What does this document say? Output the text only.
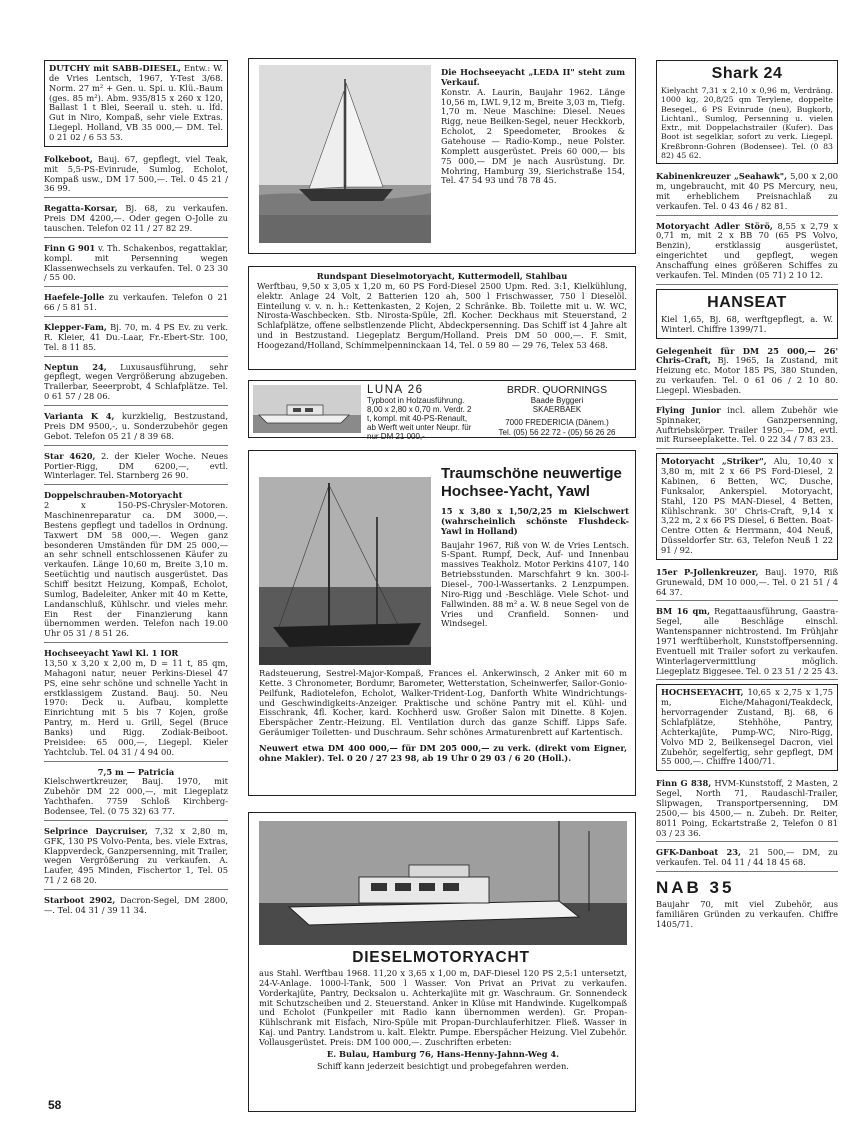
DUTCHY mit SABB-DIESEL, Entw.: W. de Vries Lentsch, 1967, Y-Test 3/68. Norm. 27 m² + Gen. u. Spi. u. Klü.-Baum (ges. 85 m²). Abm. 935/815 x 260 x 120, Ballast 1 t Blei, Seerail u. steh. u. lfd. Gut in Niro, Kompaß, sehr viele Extras. Liegepl. Holland, VB 35 000,— DM. Tel. 0 21 02 / 6 53 53.
Folkeboot, Bauj. 67, gepflegt, viel Teak, mit 5,5-PS-Evinrude, Sumlog, Echolot, Kompaß usw., DM 17 500,—. Tel. 0 45 21 / 36 99.
Regatta-Korsar, Bj. 68, zu verkaufen. Preis DM 4200,—. Oder gegen O-Jolle zu tauschen. Telefon 02 11 / 27 82 29.
Finn G 901 v. Th. Schakenbos, regattaklar, kompl. mit Persenning wegen Klassenwechsels zu verkaufen. Tel. 0 23 30 / 55 00.
Haefele-Jolle zu verkaufen. Telefon 0 21 66 / 5 81 51.
Klepper-Fam, Bj. 70, m. 4 PS Ev. zu verk. R. Kleier, 41 Du.-Laar, Fr.-Ebert-Str. 100, Tel. 8 11 85.
Neptun 24, Luxusausführung, sehr gepflegt, wegen Vergrößerung abzugeben. Trailerbar, Seeerprobt, 4 Schlafplätze. Tel. 0 61 57 / 28 06.
Varianta K 4, kurzkielig, Bestzustand, Preis DM 9500,-, u. Sonderzubehör gegen Gebot. Telefon 05 21 / 8 39 68.
Star 4620, 2. der Kieler Woche. Neues Portier-Rigg, DM 6200,—, evtl. Winterlager. Tel. Starnberg 26 90.
Doppelschrauben-Motoryacht
2 x 150-PS-Chrysler-Motoren. Maschinenreparatur ca. DM 3000,—. Bestens gepflegt und tadellos in Ordnung. Taxwert DM 58 000,—. Wegen ganz besonderen Umständen für DM 25 000,— an sehr schnell entschlossenen Käufer zu verkaufen. Länge 10,60 m, Breite 3,10 m. Seetüchtig und nautisch ausgerüstet. Das Schiff besitzt Heizung, Kompaß, Echolot, Sumlog, Badeleiter, Anker mit 40 m Kette, Landanschluß, Kühlschr. und vieles mehr. Ein Rest der Finanzierung kann übernommen werden. Telefon nach 19.00 Uhr 05 31 / 8 51 26.
Hochseeyacht Yawl Kl. 1 IOR
13,50 x 3,20 x 2,00 m, D = 11 t, 85 qm, Mahagoni natur, neuer Perkins-Diesel 47 PS, eine sehr schöne und schnelle Yacht in erstklassigem Zustand. Bauj. 50. Neu 1970: Deck u. Aufbau, komplette Einrichtung mit 5 bis 7 Kojen, große Pantry, m. Herd u. Grill, Segel (Bruce Banks) und Rigg. Zodiak-Beiboot. Preisidee: 65 000,—, Liegepl. Kieler Yachtclub. Tel. 04 31 / 4 94 00.
7,5 m — Patricia
Kielschwertkreuzer, Bauj. 1970, mit Zubehör DM 22 000,—, mit Liegeplatz Yachthafen. 7759 Schloß Kirchberg-Bodensee, Tel. (0 75 32) 63 77.
Selprince Daycruiser, 7,32 x 2,80 m, GFK, 130 PS Volvo-Penta, bes. viele Extras, Klappverdeck, Ganzpersenning, mit Trailer, wegen Vergrößerung zu verkaufen. A. Laufer, 495 Minden, Fischertor 1, Tel. 05 71 / 2 68 20.
Starboot 2902, Dacron-Segel, DM 2800,—. Tel. 04 31 / 39 11 34.
Die Hochseeyacht „LEDA II" steht zum Verkauf.
Konstr. A. Laurin, Baujahr 1962. Länge 10,56 m, LWL 9,12 m, Breite 3,03 m, Tiefg. 1,70 m. Neue Maschine: Diesel. Neues Rigg, neue Beilken-Segel, neuer Heckkorb, Echolot, 2 Speedometer, Brookes & Gatehouse — Radio-Komp., neue Polster. Komplett ausgerüstet. Preis 60 000,— bis 75 000,— DM je nach Ausrüstung. Dr. Mohring, Hamburg 39, Sierichstraße 154, Tel. 47 54 93 und 78 78 45.
Rundspant Dieselmotoryacht, Kuttermodell, Stahlbau
Werftbau, 9,50 x 3,05 x 1,20 m, 60 PS Ford-Diesel 2500 Upm. Red. 3:1, Kielkühlung, elektr. Anlage 24 Volt, 2 Batterien 120 ah, 500 l Frischwasser, 750 l Dieselöl. Einteilung v. v. n. h.: Kettenkasten, 2 Kojen, 2 Schränke. Bb. Toilette mit u. W. WC, Nirosta-Waschbecken. Stb. Nirosta-Spüle, 2fl. Kocher. Deckhaus mit Steuerstand, 2 Schlafplätze, offene selbstlenzende Plicht, Abdeckpersenning. Das Schiff ist 4 Jahre alt und in Bestzustand. Liegeplatz Bergum/Holland. Preis DM 50 000,—. F. Smit, Hoogezand/Holland, Schimmelpenninckaan 14, Tel. 0 59 80 — 29 76, Telex 53 468.
LUNA 26
Typboot in Holzausführung. 8,00 x 2,80 x 0,70 m. Verdr. 2 t, kompl. mit 40-PS-Renault, ab Werft weit unter Neupr. für nur DM 21 000,-
BRDR. QUORNINGS
Baade Byggeri
SKAERBAEK
7000 FREDERICIA (Dänem.)
Tel. (05) 56 22 72 - (05) 56 26 26
Traumschöne neuwertige Hochsee-Yacht, Yawl
15 x 3,80 x 1,50/2,25 m Kielschwert (wahrscheinlich schönste Flushdeck-Yawl in Holland)
Baujahr 1967, Riß von W. de Vries Lentsch. S-Spant. Rumpf, Deck, Auf- und Innenbau massives Teakholz. Motor Perkins 4107, 140 Betriebsstunden. Marschfahrt 9 kn. 300-l-Diesel-, 700-l-Wassertanks. 2 Lenzpumpen. Niro-Rigg und -Beschläge. Viele Schot- und Fallwinden. 88 m² a. W. 8 neue Segel von de Vries und Cranfield. Sonnen- und Windsegel.
Radsteuerung, Sestrel-Major-Kompaß, Frances el. Ankerwinsch, 2 Anker mit 60 m Kette. 3 Chronometer, Bordumr, Barometer, Wetterstation, Scheinwerfer, Sailor-Gonio-Peilfunk, Radiotelefon, Echolot, Walker-Trident-Log, Danforth White Windrichtungs- und Geschwindigkeits-Anzeiger. Praktische und schöne Pantry mit el. Kühl- und Eisschrank, 4fl. Kocher, kard. Kochherd usw. Großer Salon mit Dinette. 8 Kojen. Eberspächer Zentr.-Heizung. El. Ventilation durch das ganze Schiff. Lipps Safe. Geräumiger Toiletten- und Duschraum. Sehr schönes Armaturenbrett auf Kartentisch.
Neuwert etwa DM 400 000,— für DM 205 000,— zu verk. (direkt vom Eigner, ohne Makler). Tel. 0 20 / 27 23 98, ab 19 Uhr 0 29 03 / 6 20 (Holl.).
DIESELMOTORYACHT
aus Stahl. Werftbau 1968. 11,20 x 3,65 x 1,00 m, DAF-Diesel 120 PS 2,5:1 untersetzt, 24-V-Anlage. 1000-l-Tank, 500 l Wasser. Von Privat an Privat zu verkaufen. Vorderkajüte, Pantry, Decksalon u. Achterkajüte mit gr. Waschraum. Gr. Sonnendeck mit Schutzscheiben und 2. Steuerstand. Anker in Klüse mit Handwinde. Kugelkompaß und Echolot (Funkpeiler mit Radio kann übernommen werden). Gr. Propan-Kühlschrank mit Eisfach, Niro-Spüle mit Propan-Durchlauferhitzer. Fließ. Wasser in Kaj. und Pantry. Landstrom u. kalt. Elektr. Pumpe. Eberspächer Heizung. Viel Zubehör. Vollausgerüstet. Preis: DM 100 000,—. Zuschriften erbeten:
E. Bulau, Hamburg 76, Hans-Henny-Jahnn-Weg 4.
Schiff kann jederzeit besichtigt und probegefahren werden.
Shark 24
Kielyacht 7,31 x 2,10 x 0,96 m, Verdräng. 1000 kg, 20,8/25 qm Terylene, doppelte Besegel., 6 PS Evinrude (neu), Bugkorb, Lichtanl., Sumlog, Persenning u. vielen Extr., mit Doppelachstrailer (Kufer). Das Boot ist segelklar, sofort zu verk. Liegepl. Kreßbronn-Gohren (Bodensee). Tel. (0 83 82) 45 62.
Kabinenkreuzer „Seahawk", 5,00 x 2,00 m, ungebraucht, mit 40 PS Mercury, neu, mit erheblichem Preisnachlaß zu verkaufen. Tel. 0 43 46 / 82 81.
Motoryacht Adler Störö, 8,55 x 2,79 x 0,71 m, mit 2 x BB 70 (65 PS Volvo, Benzin), erstklassig ausgerüstet, eingerichtet und gepflegt, wegen Anschaffung eines größeren Schiffes zu verkaufen. Tel. Minden (05 71) 2 10 12.
HANSEAT
Kiel 1,65, Bj. 68, werftgepflegt, a. W. Winterl. Chiffre 1399/71.
Gelegenheit für DM 25 000,— 26' Chris-Craft, Bj. 1965, Ia Zustand, mit Heizung etc. Motor 185 PS, 380 Stunden, zu verkaufen. Tel. 0 61 06 / 2 10 80. Liegepl. Wiesbaden.
Flying Junior incl. allem Zubehör wie Spinnaker, Ganzpersenning, Auftriebskörper. Trailer 1950,— DM, evtl. mit Rurseeplakette. Tel. 0 22 34 / 7 83 23.
Motoryacht „Striker", Alu, 10,40 x 3,80 m, mit 2 x 66 PS Ford-Diesel, 2 Kabinen, 6 Betten, WC, Dusche, Funksalor, Ankerspiel. Motoryacht, Stahl, 120 PS MAN-Diesel, 4 Betten, Kühlschrank. 30' Chris-Craft, 9,14 x 3,22 m, 2 x 66 PS Diesel, 6 Betten. Boat-Centre Otten & Herrmann, 404 Neuß, Düsseldorfer Str. 63, Telefon Neuß 1 22 91 / 92.
15er P-Jollenkreuzer, Bauj. 1970, Riß Grunewald, DM 10 000,—. Tel. 0 21 51 / 4 64 37.
BM 16 qm, Regattaausführung, Gaastra-Segel, alle Beschläge einschl. Wantenspanner nichtrostend. Im Frühjahr 1971 werftüberholt, Kunststoffpersenning. Eventuell mit Trailer sofort zu verkaufen. Winterlagervermittlung möglich. Liegeplatz Biggesee. Tel. 0 23 51 / 2 25 43.
HOCHSEEYACHT, 10,65 x 2,75 x 1,75 m, Eiche/Mahagoni/Teakdeck, hervorragender Zustand, Bj. 68, 6 Schlafplätze, Stehhöhe, Pantry, Achterkajüte, Pump-WC, Niro-Rigg, Volvo MD 2, Beilkensegel Dacron, viel Zubehör, segelfertig, sehr gepflegt, DM 55 000,—. Chiffre 1400/71.
Finn G 838, HVM-Kunststoff, 2 Masten, 2 Segel, North 71, Raudaschl-Trailer, Slipwagen, Transportpersenning, DM 2500,— bis 4500,— n. Zubeh. Dr. Reiter, 8011 Poing, Eckartstraße 2, Telefon 0 81 03 / 23 36.
GFK-Danboat 23, 21 500,— DM, zu verkaufen. Tel. 04 11 / 44 18 45 68.
NAB 35
Baujahr 70, mit viel Zubehör, aus familiären Gründen zu verkaufen. Chiffre 1405/71.
58
